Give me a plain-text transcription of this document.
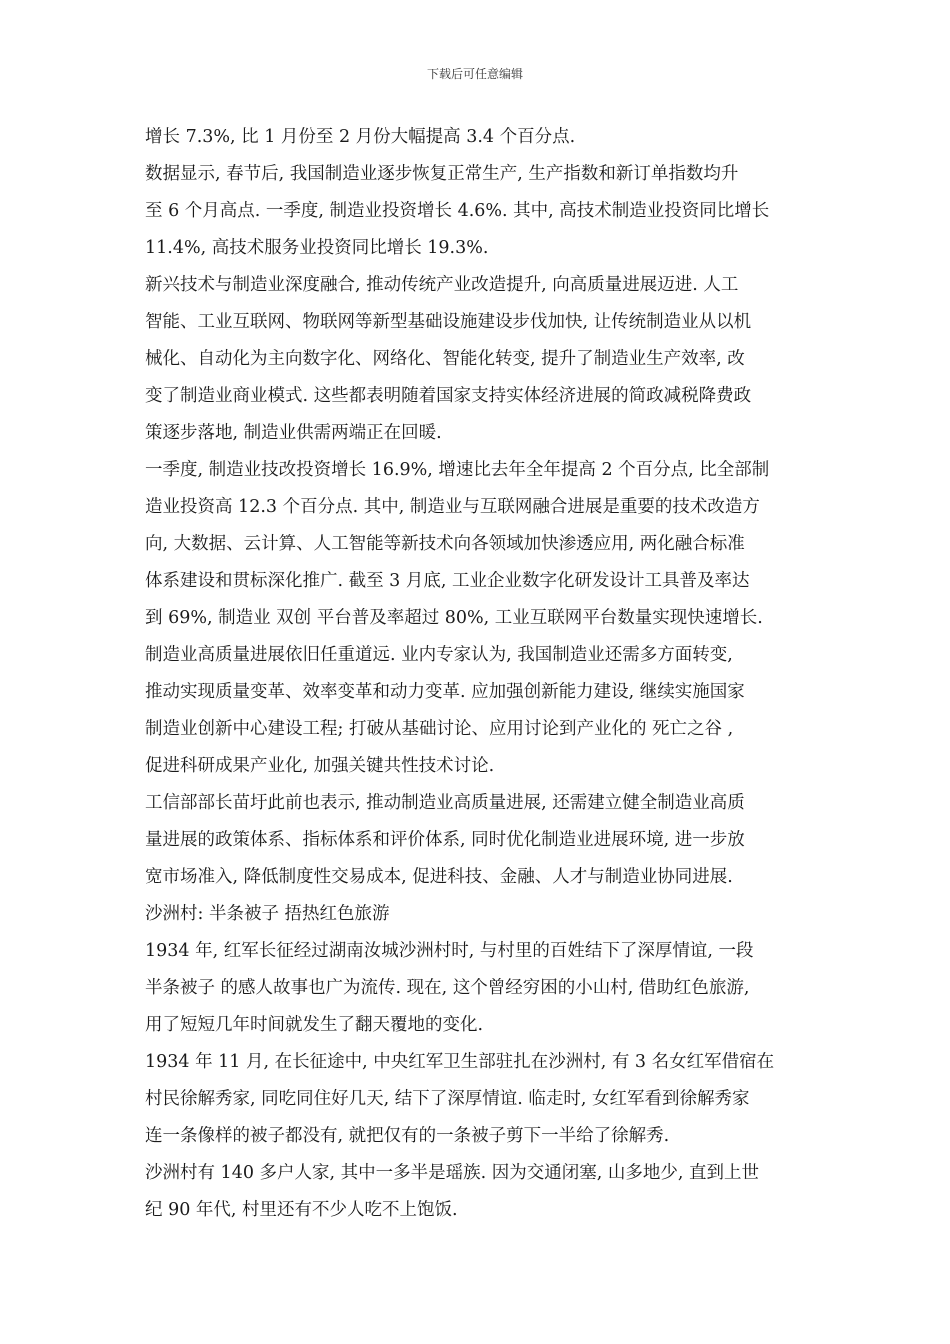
下载后可任意编辑
增长 7.3%, 比 1 月份至 2 月份大幅提高 3.4 个百分点.
数据显示, 春节后, 我国制造业逐步恢复正常生产, 生产指数和新订单指数均升
至 6 个月高点. 一季度, 制造业投资增长 4.6%. 其中, 高技术制造业投资同比增长
11.4%, 高技术服务业投资同比增长 19.3%.
新兴技术与制造业深度融合, 推动传统产业改造提升, 向高质量进展迈进. 人工
智能、工业互联网、物联网等新型基础设施建设步伐加快, 让传统制造业从以机
械化、自动化为主向数字化、网络化、智能化转变, 提升了制造业生产效率, 改
变了制造业商业模式. 这些都表明随着国家支持实体经济进展的简政减税降费政
策逐步落地, 制造业供需两端正在回暖.
一季度, 制造业技改投资增长 16.9%, 增速比去年全年提高 2 个百分点, 比全部制
造业投资高 12.3 个百分点. 其中, 制造业与互联网融合进展是重要的技术改造方
向, 大数据、云计算、人工智能等新技术向各领域加快渗透应用, 两化融合标准
体系建设和贯标深化推广. 截至 3 月底, 工业企业数字化研发设计工具普及率达
到 69%, 制造业 双创 平台普及率超过 80%, 工业互联网平台数量实现快速增长.
制造业高质量进展依旧任重道远. 业内专家认为, 我国制造业还需多方面转变,
推动实现质量变革、效率变革和动力变革. 应加强创新能力建设, 继续实施国家
制造业创新中心建设工程; 打破从基础讨论、应用讨论到产业化的 死亡之谷 ,
促进科研成果产业化, 加强关键共性技术讨论.
工信部部长苗圩此前也表示, 推动制造业高质量进展, 还需建立健全制造业高质
量进展的政策体系、指标体系和评价体系, 同时优化制造业进展环境, 进一步放
宽市场准入, 降低制度性交易成本, 促进科技、金融、人才与制造业协同进展.
沙洲村: 半条被子 捂热红色旅游
1934 年, 红军长征经过湖南汝城沙洲村时, 与村里的百姓结下了深厚情谊, 一段
半条被子 的感人故事也广为流传. 现在, 这个曾经穷困的小山村, 借助红色旅游,
用了短短几年时间就发生了翻天覆地的变化.
1934 年 11 月, 在长征途中, 中央红军卫生部驻扎在沙洲村, 有 3 名女红军借宿在
村民徐解秀家, 同吃同住好几天, 结下了深厚情谊. 临走时, 女红军看到徐解秀家
连一条像样的被子都没有, 就把仅有的一条被子剪下一半给了徐解秀.
沙洲村有 140 多户人家, 其中一多半是瑶族. 因为交通闭塞, 山多地少, 直到上世
纪 90 年代, 村里还有不少人吃不上饱饭.
